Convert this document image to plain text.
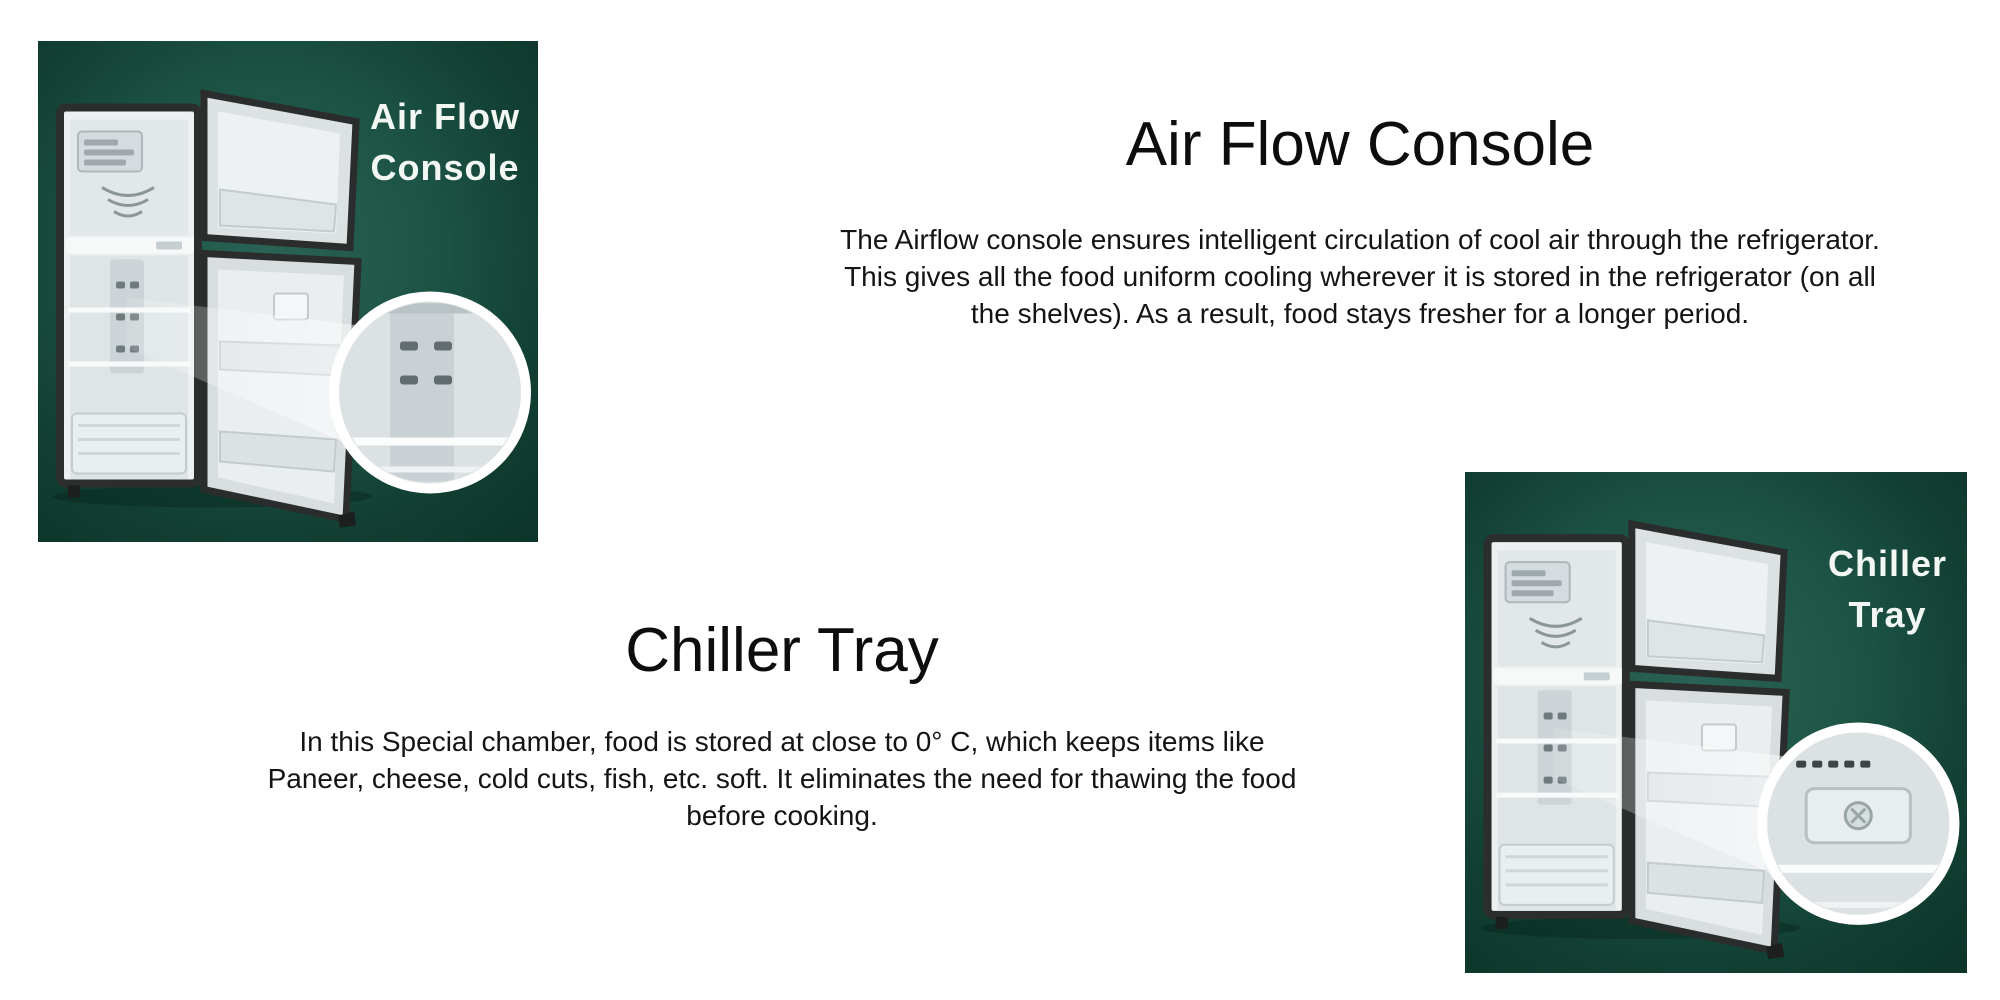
Air Flow
Console	Air Flow Console

The Airflow console ensures intelligent circulation of cool air through the refrigerator. This gives all the food uniform cooling wherever it is stored in the refrigerator (on all the shelves). As a result, food stays fresher for a longer period.

Chiller Tray

In this Special chamber, food is stored at close to 0° C, which keeps items like Paneer, cheese, cold cuts, fish, etc. soft. It eliminates the need for thawing the food before cooking.

Chiller
Tray
